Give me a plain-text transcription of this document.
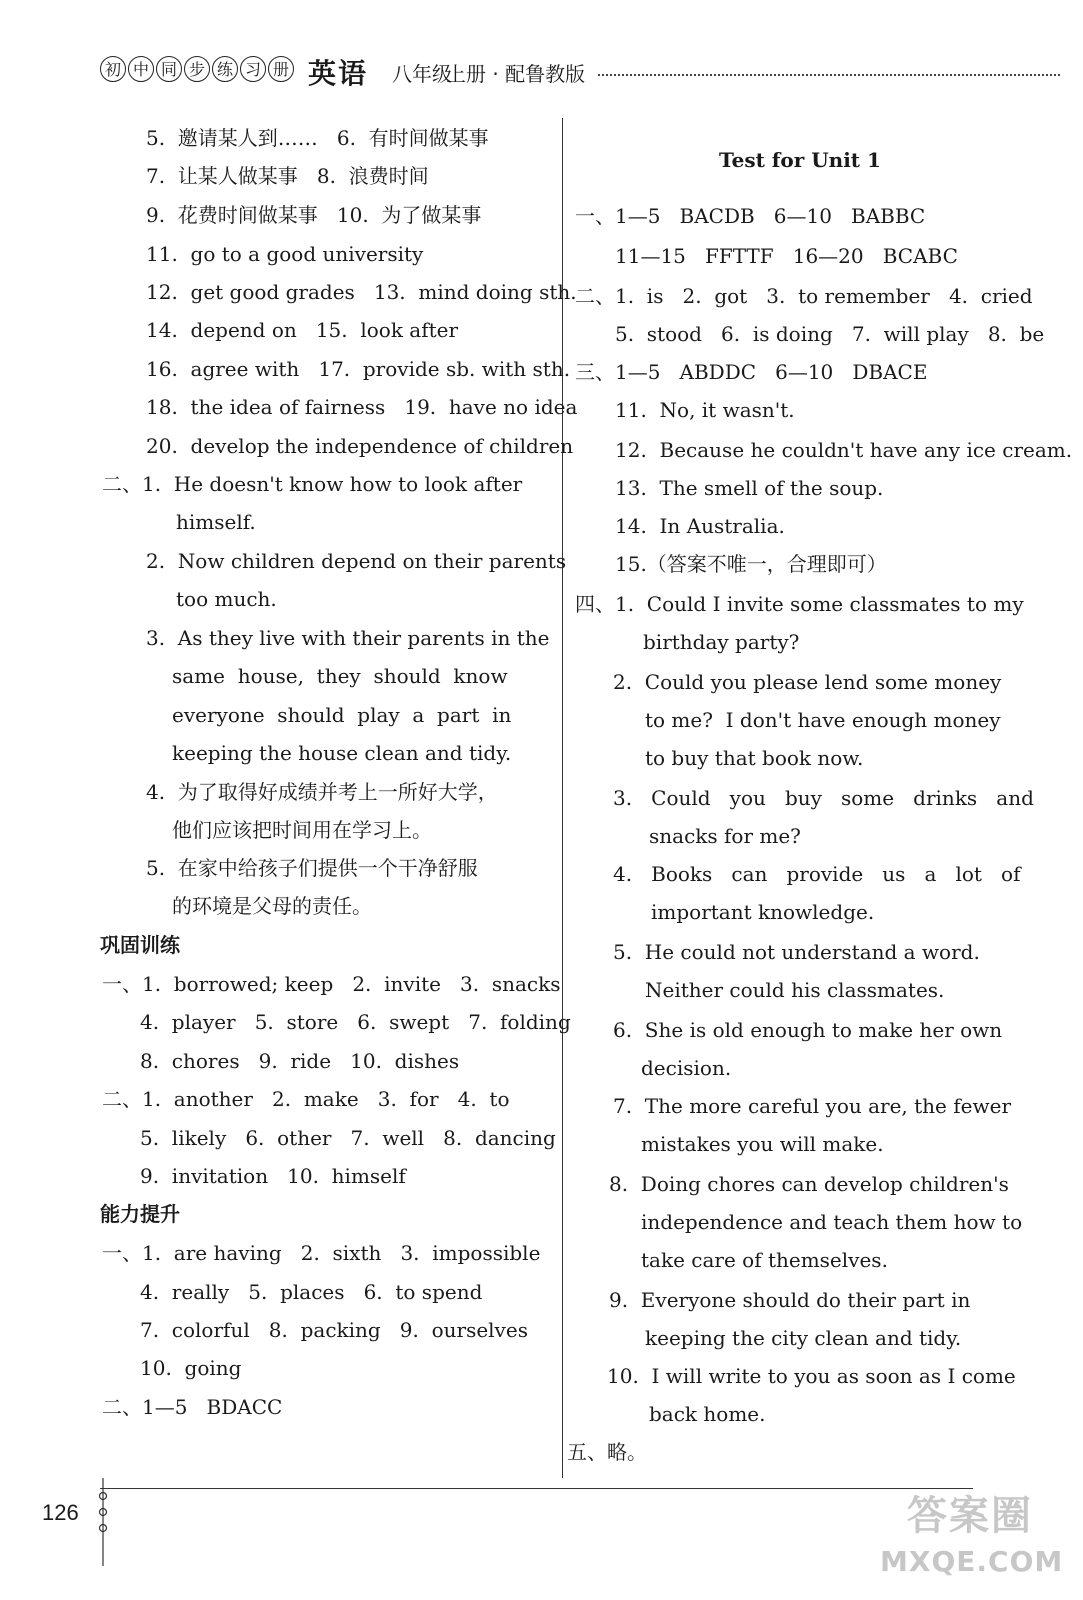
初 中 同 步 练 习 册 英语 八年级
上册 · 配鲁教版
5.  邀请某人到……   6.  有时间做某事
7.  让某人做某事   8.  浪费时间
9.  花费时间做某事   10.  为了做某事
11.  go to a good university
12.  get good grades   13.  mind doing sth.
14.  depend on   15.  look after
16.  agree with   17.  provide sb. with sth.
18.  the idea of fairness   19.  have no idea
20.  develop the independence of children
二、1.  He doesn't know how to look after
himself.
2.  Now children depend on their parents
too much.
3.  As they live with their parents in the
same  house,  they  should  know
everyone  should  play  a  part  in
keeping the house clean and tidy.
4.  为了取得好成绩并考上一所好大学，
他们应该把时间用在学习上。
5.  在家中给孩子们提供一个干净舒服
的环境是父母的责任。
巩固训练
一、1.  borrowed; keep   2.  invite   3.  snacks
4.  player   5.  store   6.  swept   7.  folding
8.  chores   9.  ride   10.  dishes
二、1.  another   2.  make   3.  for   4.  to
5.  likely   6.  other   7.  well   8.  dancing
9.  invitation   10.  himself
能力提升
一、1.  are having   2.  sixth   3.  impossible
4.  really   5.  places   6.  to spend
7.  colorful   8.  packing   9.  ourselves
10.  going
二、1—5   BDACC
Test for Unit 1
一、1—5   BACDB   6—10   BABBC
11—15   FFTTF   16—20   BCABC
二、1.  is   2.  got   3.  to remember   4.  cried
5.  stood   6.  is doing   7.  will play   8.  be
三、1—5   ABDDC   6—10   DBACE
11.  No, it wasn't.
12.  Because he couldn't have any ice cream.
13.  The smell of the soup.
14.  In Australia.
15.（答案不唯一，合理即可）
四、1.  Could I invite some classmates to my
birthday party?
2.  Could you please lend some money
to me?  I don't have enough money
to buy that book now.
3.   Could   you   buy   some   drinks   and
snacks for me?
4.   Books   can   provide   us   a   lot   of
important knowledge.
5.  He could not understand a word.
Neither could his classmates.
6.  She is old enough to make her own
decision.
7.  The more careful you are, the fewer
mistakes you will make.
8.  Doing chores can develop children's
independence and teach them how to
take care of themselves.
9.  Everyone should do their part in
keeping the city clean and tidy.
10.  I will write to you as soon as I come
back home.
五、略。
126	答案圈
MXQE.COM
